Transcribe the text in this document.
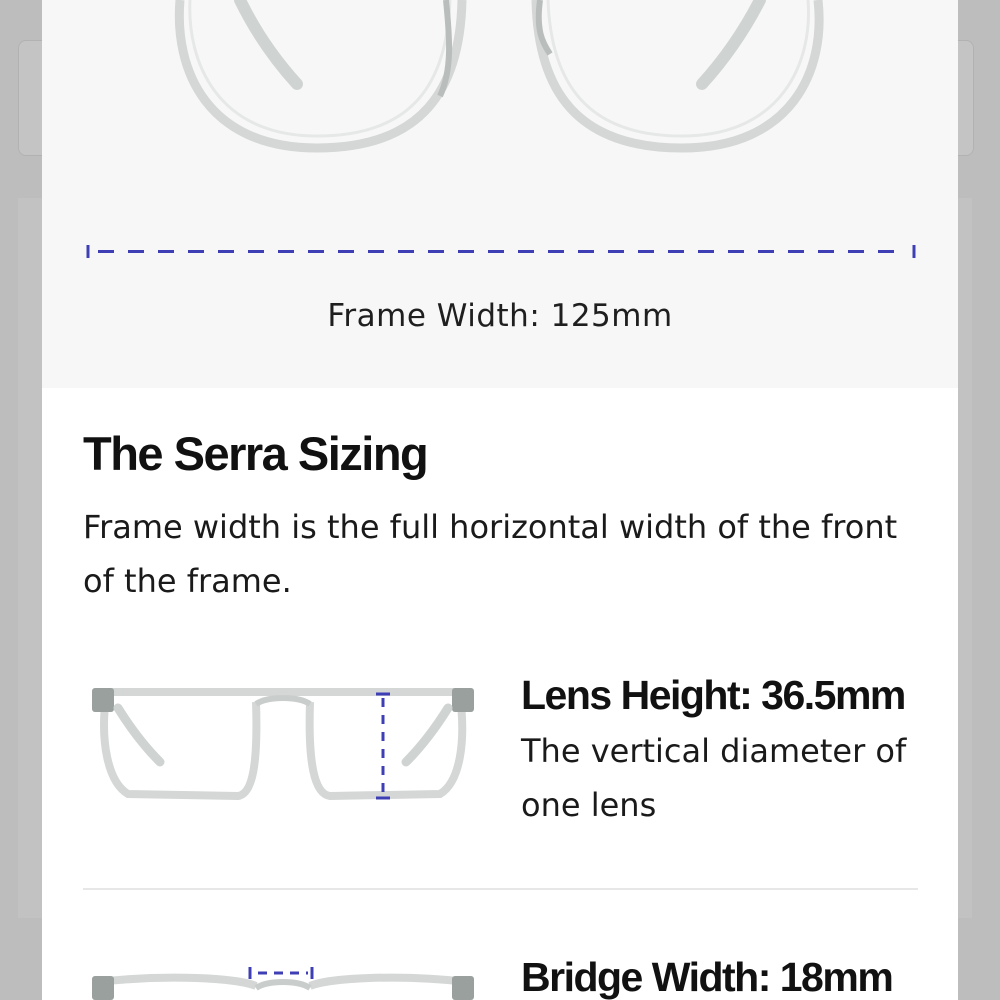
Frame Width: 125mm
The Serra Sizing

Frame width is the full horizontal width of the front of the frame.

Lens Height: 36.5mm

The vertical diameter of one lens

Bridge Width: 18mm
